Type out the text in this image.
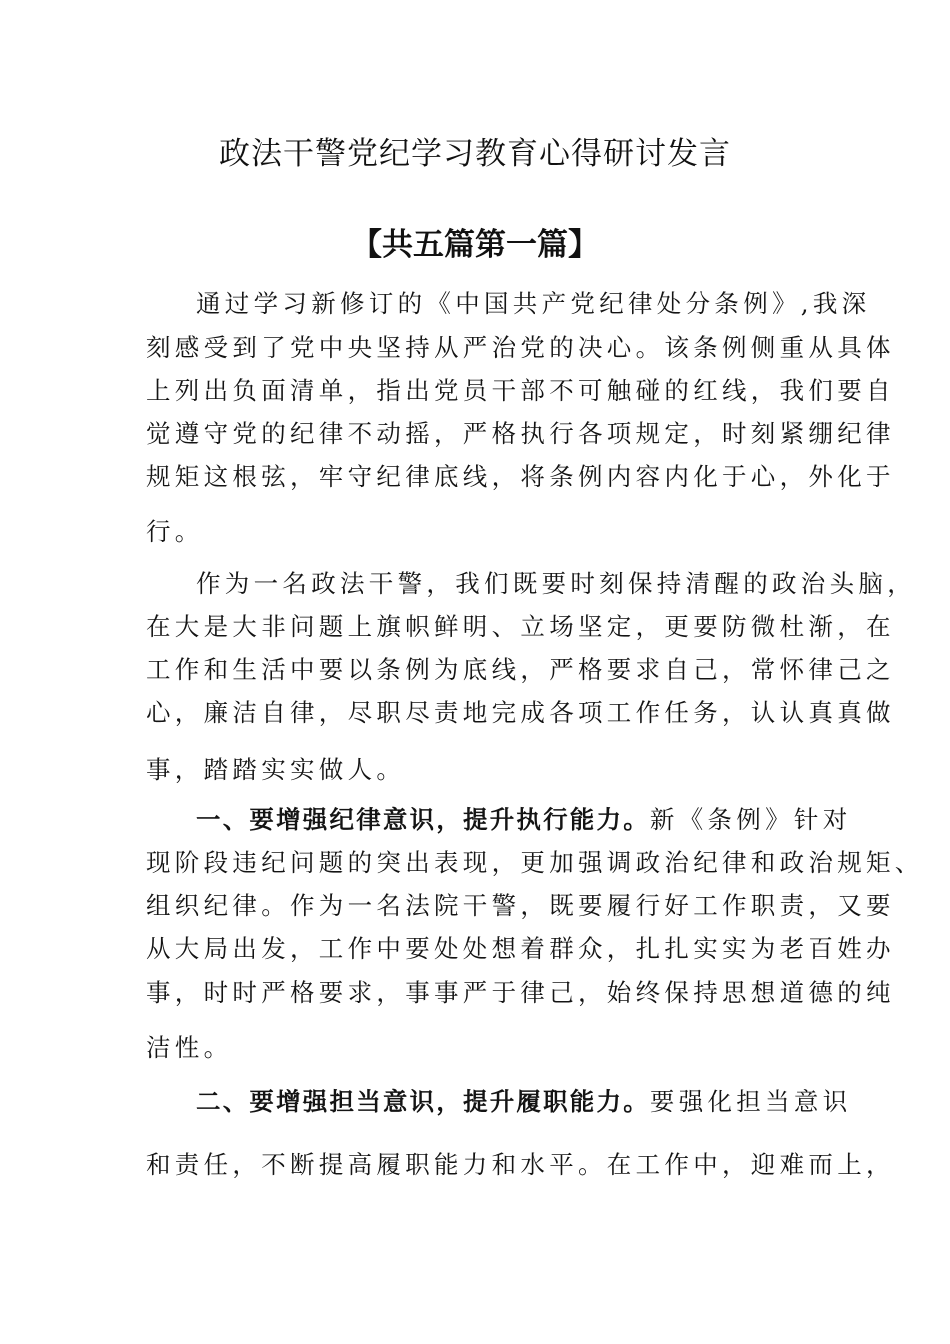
政法干警党纪学习教育心得研讨发言
【共五篇第一篇】
通过学习新修订的《中国共产党纪律处分条例》,我深
刻感受到了党中央坚持从严治党的决心。该条例侧重从具体
上列出负面清单，指出党员干部不可触碰的红线，我们要自
觉遵守党的纪律不动摇，严格执行各项规定，时刻紧绷纪律
规矩这根弦，牢守纪律底线，将条例内容内化于心，外化于
行。
作为一名政法干警，我们既要时刻保持清醒的政治头脑，
在大是大非问题上旗帜鲜明、立场坚定，更要防微杜渐，在
工作和生活中要以条例为底线，严格要求自己，常怀律己之
心，廉洁自律，尽职尽责地完成各项工作任务，认认真真做
事，踏踏实实做人。
一、要增强纪律意识，提升执行能力。新《条例》针对
现阶段违纪问题的突出表现，更加强调政治纪律和政治规矩、
组织纪律。作为一名法院干警，既要履行好工作职责，又要
从大局出发，工作中要处处想着群众，扎扎实实为老百姓办
事，时时严格要求，事事严于律己，始终保持思想道德的纯
洁性。
二、要增强担当意识，提升履职能力。要强化担当意识
和责任，不断提高履职能力和水平。在工作中，迎难而上，
